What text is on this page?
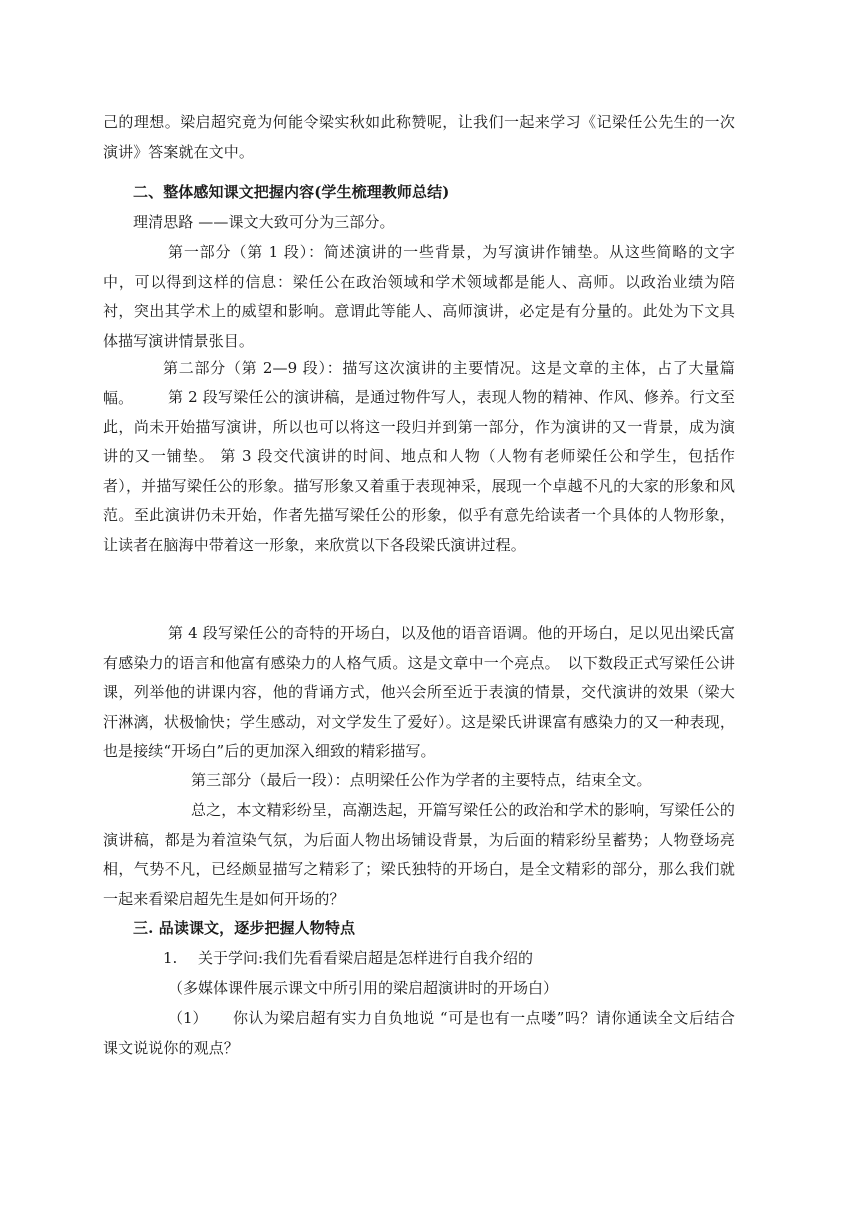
己的理想。梁启超究竟为何能令梁实秋如此称赞呢，让我们一起来学习《记梁任公先生的一次演讲》答案就在文中。

二、整体感知课文把握内容(学生梳理教师总结)

理清思路 ——课文大致可分为三部分。

第一部分（第 1 段）：简述演讲的一些背景，为写演讲作铺垫。从这些简略的文字中，可以得到这样的信息：梁任公在政治领域和学术领域都是能人、高师。以政治业绩为陪衬，突出其学术上的威望和影响。意谓此等能人、高师演讲，必定是有分量的。此处为下文具体描写演讲情景张目。

第二部分（第 2—9 段）：描写这次演讲的主要情况。这是文章的主体，占了大量篇幅。	第 2 段写梁任公的演讲稿，是通过物件写人，表现人物的精神、作风、修养。行文至此，尚未开始描写演讲，所以也可以将这一段归并到第一部分，作为演讲的又一背景，成为演讲的又一铺垫。 第 3 段交代演讲的时间、地点和人物（人物有老师梁任公和学生，包括作者），并描写梁任公的形象。描写形象又着重于表现神采，展现一个卓越不凡的大家的形象和风范。至此演讲仍未开始，作者先描写梁任公的形象，似乎有意先给读者一个具体的人物形象，让读者在脑海中带着这一形象，来欣赏以下各段梁氏演讲过程。

第 4 段写梁任公的奇特的开场白，以及他的语音语调。他的开场白，足以见出梁氏富有感染力的语言和他富有感染力的人格气质。这是文章中一个亮点。　以下数段正式写梁任公讲课，列举他的讲课内容，他的背诵方式，他兴会所至近于表演的情景，交代演讲的效果（梁大汗淋漓，状极愉快；学生感动，对文学发生了爱好）。这是梁氏讲课富有感染力的又一种表现，也是接续“开场白”后的更加深入细致的精彩描写。

第三部分（最后一段）：点明梁任公作为学者的主要特点，结束全文。

总之，本文精彩纷呈，高潮迭起，开篇写梁任公的政治和学术的影响，写梁任公的演讲稿，都是为着渲染气氛，为后面人物出场铺设背景，为后面的精彩纷呈蓄势；人物登场亮相，气势不凡，已经颇显描写之精彩了；梁氏独特的开场白，是全文精彩的部分，那么我们就一起来看梁启超先生是如何开场的？

三. 品读课文，逐步把握人物特点

1. 关于学问:我们先看看梁启超是怎样进行自我介绍的

（多媒体课件展示课文中所引用的梁启超演讲时的开场白）

（1）	你认为梁启超有实力自负地说 “可是也有一点喽”吗？请你通读全文后结合课文说说你的观点？
